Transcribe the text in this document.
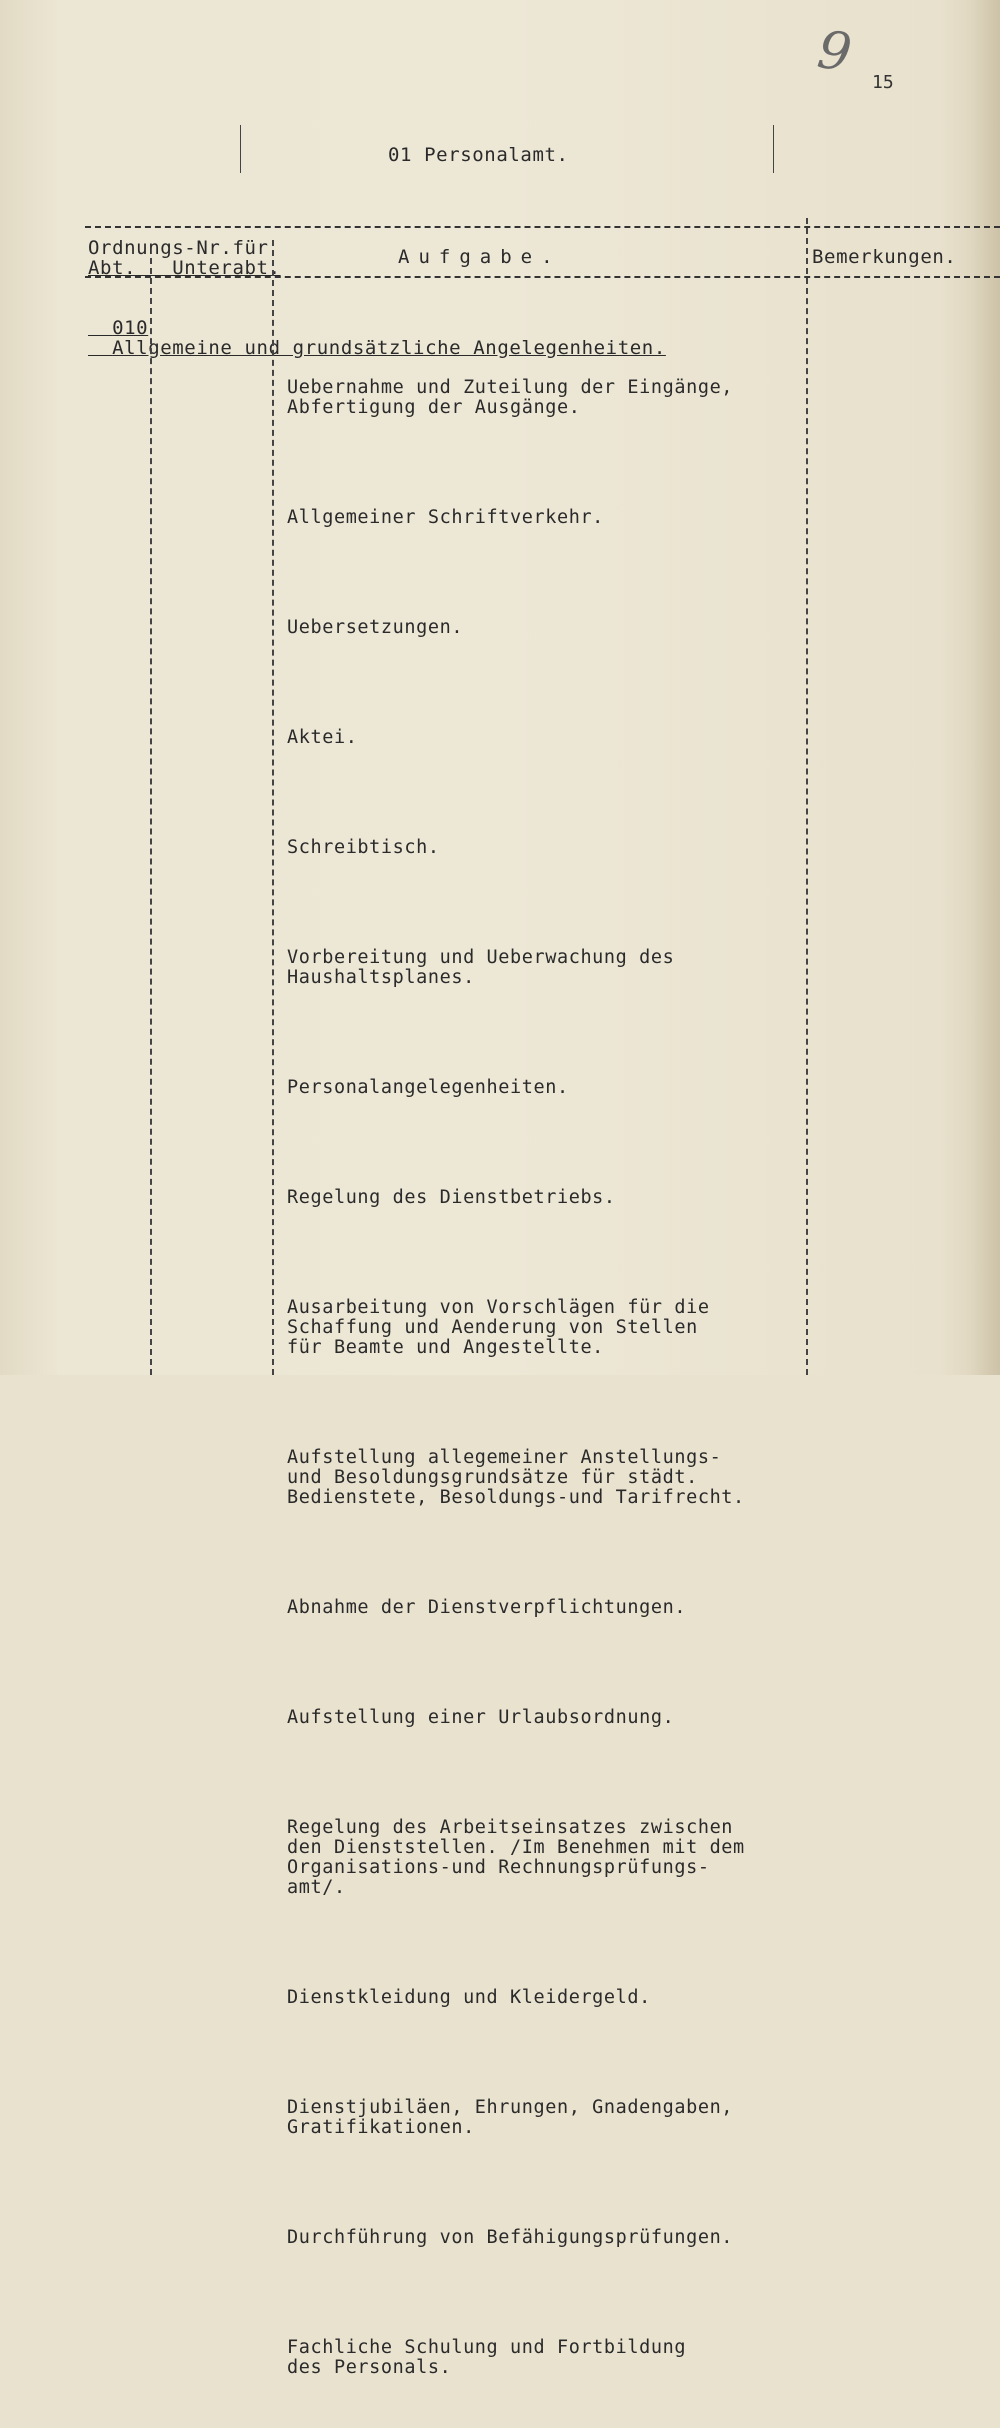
9 15
01 Personalamt.
Ordnungs-Nr.für
Abt.   Unterabt.	Aufgabe.	Bemerkungen.

010
Allgemeine und grundsätzliche Angelegenheiten.

Uebernahme und Zuteilung der Eingänge,
Abfertigung der Ausgänge.

Allgemeiner Schriftverkehr.

Uebersetzungen.

Aktei.

Schreibtisch.

Vorbereitung und Ueberwachung des
Haushaltsplanes.

Personalangelegenheiten.

Regelung des Dienstbetriebs.

Ausarbeitung von Vorschlägen für die
Schaffung und Aenderung von Stellen
für Beamte und Angestellte.

Aufstellung allegemeiner Anstellungs-
und Besoldungsgrundsätze für städt.
Bedienstete, Besoldungs-und Tarifrecht.

Abnahme der Dienstverpflichtungen.

Aufstellung einer Urlaubsordnung.

Regelung des Arbeitseinsatzes zwischen
den Dienststellen. /Im Benehmen mit dem
Organisations-und Rechnungsprüfungs-
amt/.

Dienstkleidung und Kleidergeld.

Dienstjubiläen, Ehrungen, Gnadengaben,
Gratifikationen.

Durchführung von Befähigungsprüfungen.

Fachliche Schulung und Fortbildung
des Personals.
